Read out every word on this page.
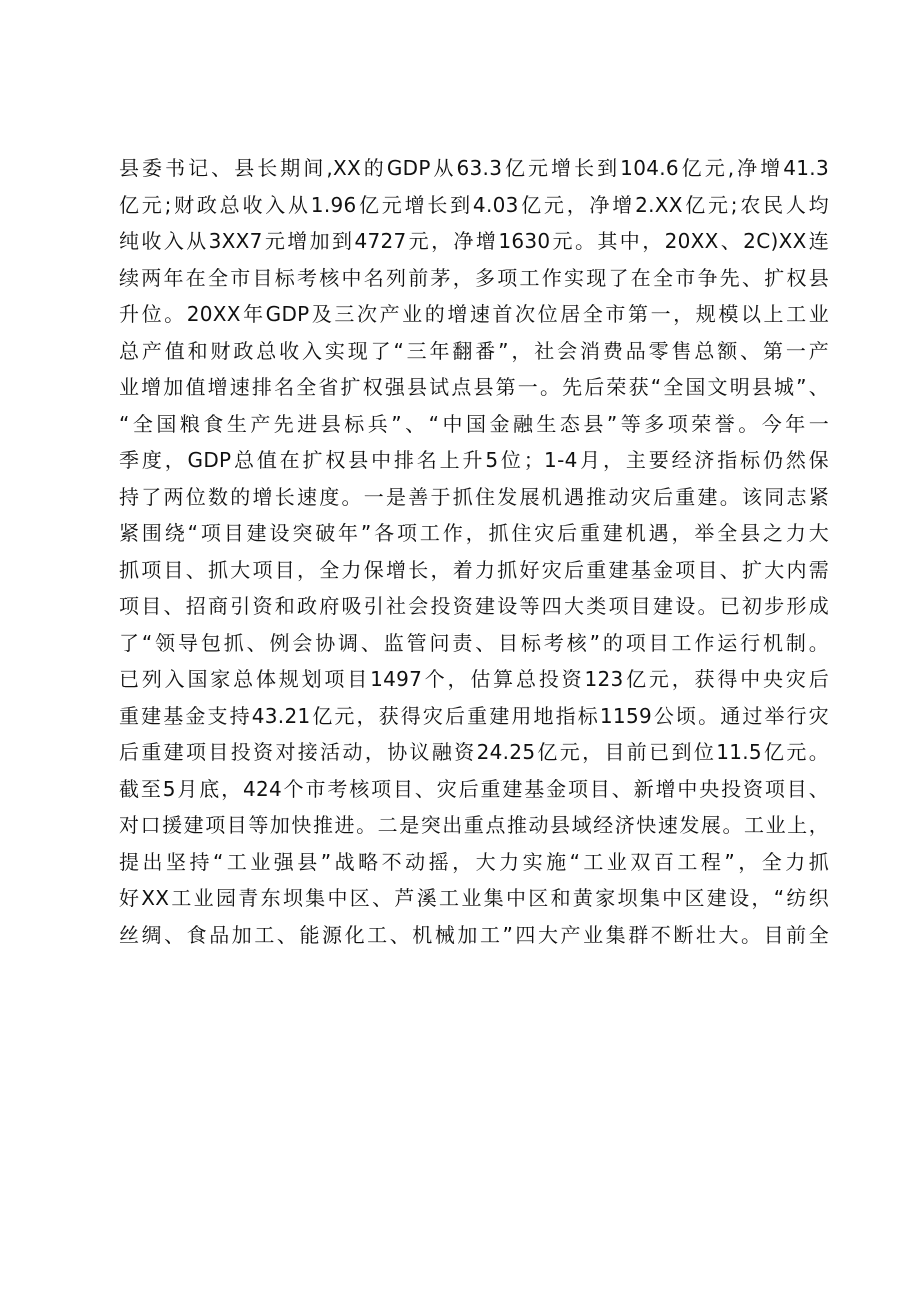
县委书记、县长期间,XX的GDP从63.3亿元增长到104.6亿元,净增41.3
亿元;财政总收入从1.96亿元增长到4.03亿元，净增2.XX亿元;农民人均
纯收入从3XX7元增加到4727元，净增1630元。其中，20XX、2C)XX连
续两年在全市目标考核中名列前茅，多项工作实现了在全市争先、扩权县
升位。20XX年GDP及三次产业的增速首次位居全市第一，规模以上工业
总产值和财政总收入实现了“三年翻番”，社会消费品零售总额、第一产
业增加值增速排名全省扩权强县试点县第一。先后荣获“全国文明县城”、
“全国粮食生产先进县标兵”、“中国金融生态县”等多项荣誉。今年一
季度，GDP总值在扩权县中排名上升5位；1-4月，主要经济指标仍然保
持了两位数的增长速度。一是善于抓住发展机遇推动灾后重建。该同志紧
紧围绕“项目建设突破年”各项工作，抓住灾后重建机遇，举全县之力大
抓项目、抓大项目，全力保增长，着力抓好灾后重建基金项目、扩大内需
项目、招商引资和政府吸引社会投资建设等四大类项目建设。已初步形成
了“领导包抓、例会协调、监管问责、目标考核”的项目工作运行机制。
已列入国家总体规划项目1497个，估算总投资123亿元，获得中央灾后
重建基金支持43.21亿元，获得灾后重建用地指标1159公顷。通过举行灾
后重建项目投资对接活动，协议融资24.25亿元，目前已到位11.5亿元。
截至5月底，424个市考核项目、灾后重建基金项目、新增中央投资项目、
对口援建项目等加快推进。二是突出重点推动县域经济快速发展。工业上，
提出坚持“工业强县”战略不动摇，大力实施“工业双百工程”，全力抓
好XX工业园青东坝集中区、芦溪工业集中区和黄家坝集中区建设，“纺织
丝绸、食品加工、能源化工、机械加工”四大产业集群不断壮大。目前全
